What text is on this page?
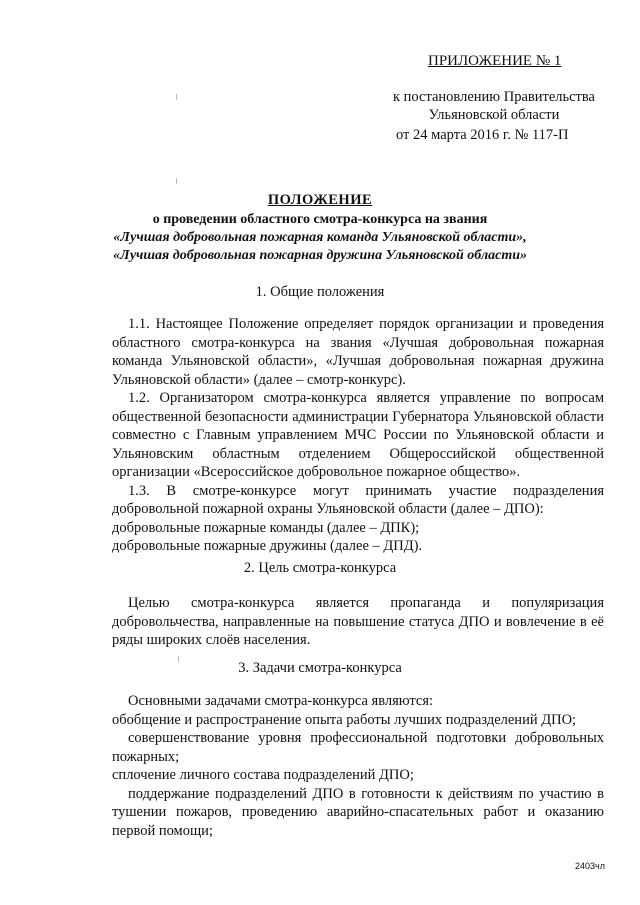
ПРИЛОЖЕНИЕ № 1
к постановлению Правительства
Ульяновской области
от 24 марта 2016 г. № 117-П
ПОЛОЖЕНИЕ
о проведении областного смотра-конкурса на звания
«Лучшая добровольная пожарная команда Ульяновской области»,
«Лучшая добровольная пожарная дружина Ульяновской области»
1. Общие положения

1.1. Настоящее Положение определяет порядок организации и проведения областного смотра-конкурса на звания «Лучшая добровольная пожарная команда Ульяновской области», «Лучшая добровольная пожарная дружина Ульяновской области» (далее – смотр-конкурс).

1.2. Организатором смотра-конкурса является управление по вопросам общественной безопасности администрации Губернатора Ульяновской области совместно с Главным управлением МЧС России по Ульяновской области и Ульяновским областным отделением Общероссийской общественной организации «Всероссийское добровольное пожарное общество».

1.3. В смотре-конкурсе могут принимать участие подразделения добровольной пожарной охраны Ульяновской области (далее – ДПО):

добровольные пожарные команды (далее – ДПК);

добровольные пожарные дружины (далее – ДПД).

2. Цель смотра-конкурса

Целью смотра-конкурса является пропаганда и популяризация добровольчества, направленные на повышение статуса ДПО и вовлечение в её ряды широких слоёв населения.

3. Задачи смотра-конкурса

Основными задачами смотра-конкурса являются:

обобщение и распространение опыта работы лучших подразделений ДПО;

совершенствование уровня профессиональной подготовки добровольных пожарных;

сплочение личного состава подразделений ДПО;

поддержание подразделений ДПО в готовности к действиям по участию в тушении пожаров, проведению аварийно-спасательных работ и оказанию первой помощи;

2403чл
